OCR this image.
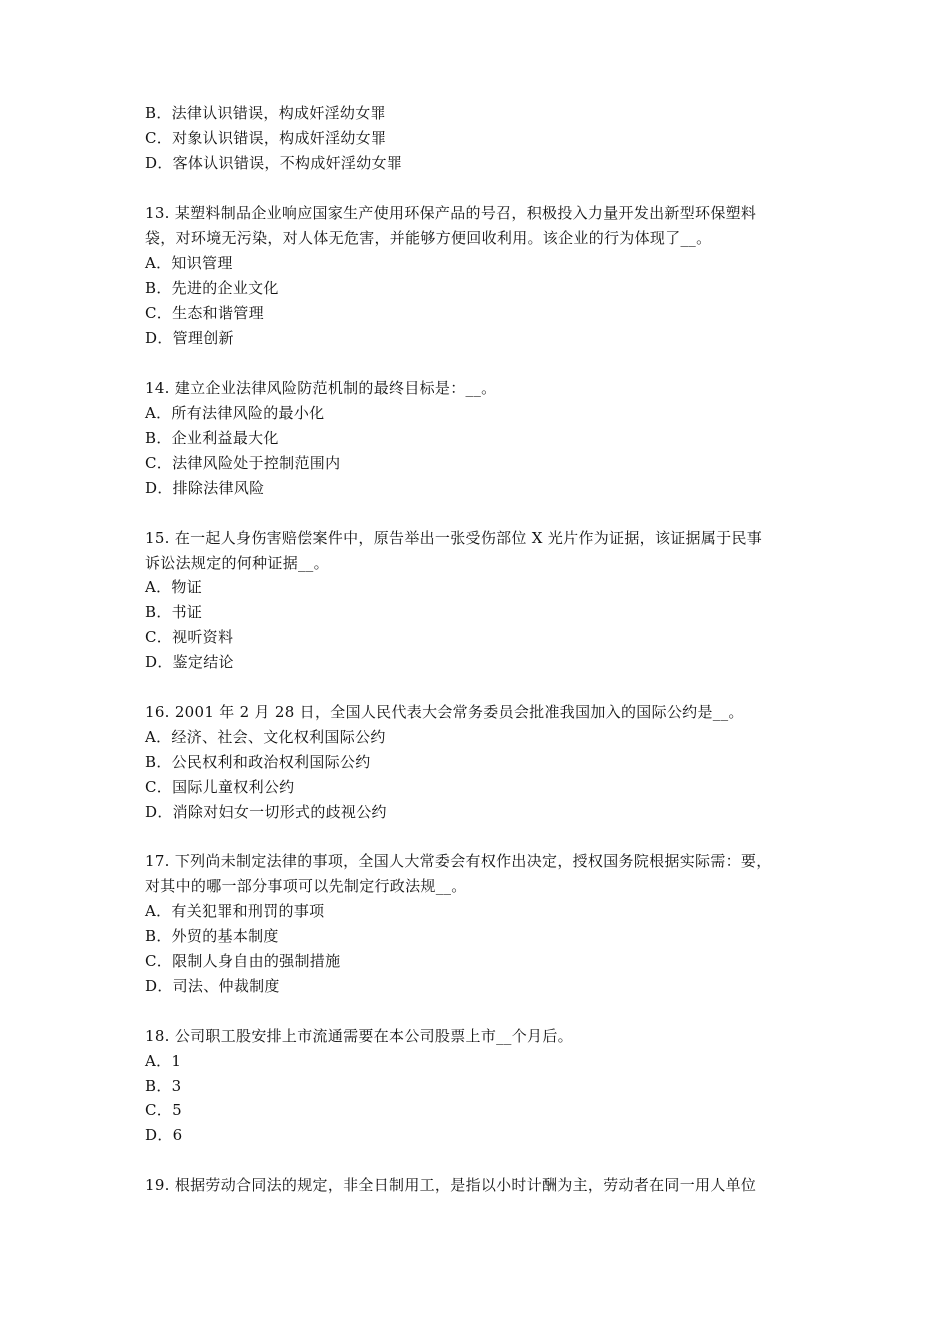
B．法律认识错误，构成奸淫幼女罪
C．对象认识错误，构成奸淫幼女罪
D．客体认识错误，不构成奸淫幼女罪
13. 某塑料制品企业响应国家生产使用环保产品的号召，积极投入力量开发出新型环保塑料
袋，对环境无污染，对人体无危害，并能够方便回收利用。该企业的行为体现了__。
A．知识管理
B．先进的企业文化
C．生态和谐管理
D．管理创新
14. 建立企业法律风险防范机制的最终目标是：__。
A．所有法律风险的最小化
B．企业利益最大化
C．法律风险处于控制范围内
D．排除法律风险
15. 在一起人身伤害赔偿案件中，原告举出一张受伤部位 X 光片作为证据，该证据属于民事
诉讼法规定的何种证据__。
A．物证
B．书证
C．视听资料
D．鉴定结论
16. 2001 年 2 月 28 日，全国人民代表大会常务委员会批准我国加入的国际公约是__。
A．经济、社会、文化权利国际公约
B．公民权利和政治权利国际公约
C．国际儿童权利公约
D．消除对妇女一切形式的歧视公约
17. 下列尚未制定法律的事项，全国人大常委会有权作出决定，授权国务院根据实际需：要，
对其中的哪一部分事项可以先制定行政法规__。
A．有关犯罪和刑罚的事项
B．外贸的基本制度
C．限制人身自由的强制措施
D．司法、仲裁制度
18. 公司职工股安排上市流通需要在本公司股票上市__个月后。
A．1
B．3
C．5
D．6
19. 根据劳动合同法的规定，非全日制用工，是指以小时计酬为主，劳动者在同一用人单位
